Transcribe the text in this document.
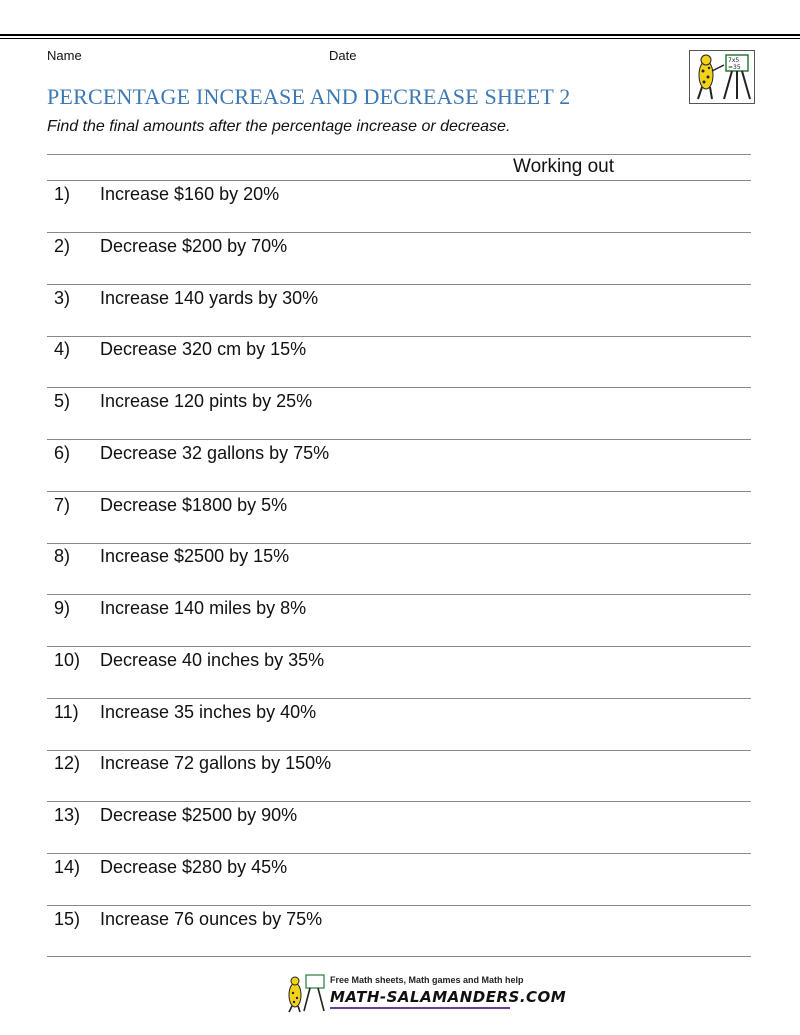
Name	Date
PERCENTAGE INCREASE AND DECREASE SHEET 2
Find the final amounts after the percentage increase or decrease.
7x5
=35
Working out
1) Increase $160 by 20%
2) Decrease $200 by 70%
3) Increase 140 yards by 30%
4) Decrease 320 cm by 15%
5) Increase 120 pints by 25%
6) Decrease 32 gallons by 75%
7) Decrease $1800 by 5%
8) Increase $2500 by 15%
9) Increase 140 miles by 8%
10) Decrease 40 inches by 35%
11) Increase 35 inches by 40%
12) Increase 72 gallons by 150%
13) Decrease $2500 by 90%
14) Decrease $280 by 45%
15) Increase 76 ounces by 75%
Free Math sheets, Math games and Math help
MATH-SALAMANDERS.COM
